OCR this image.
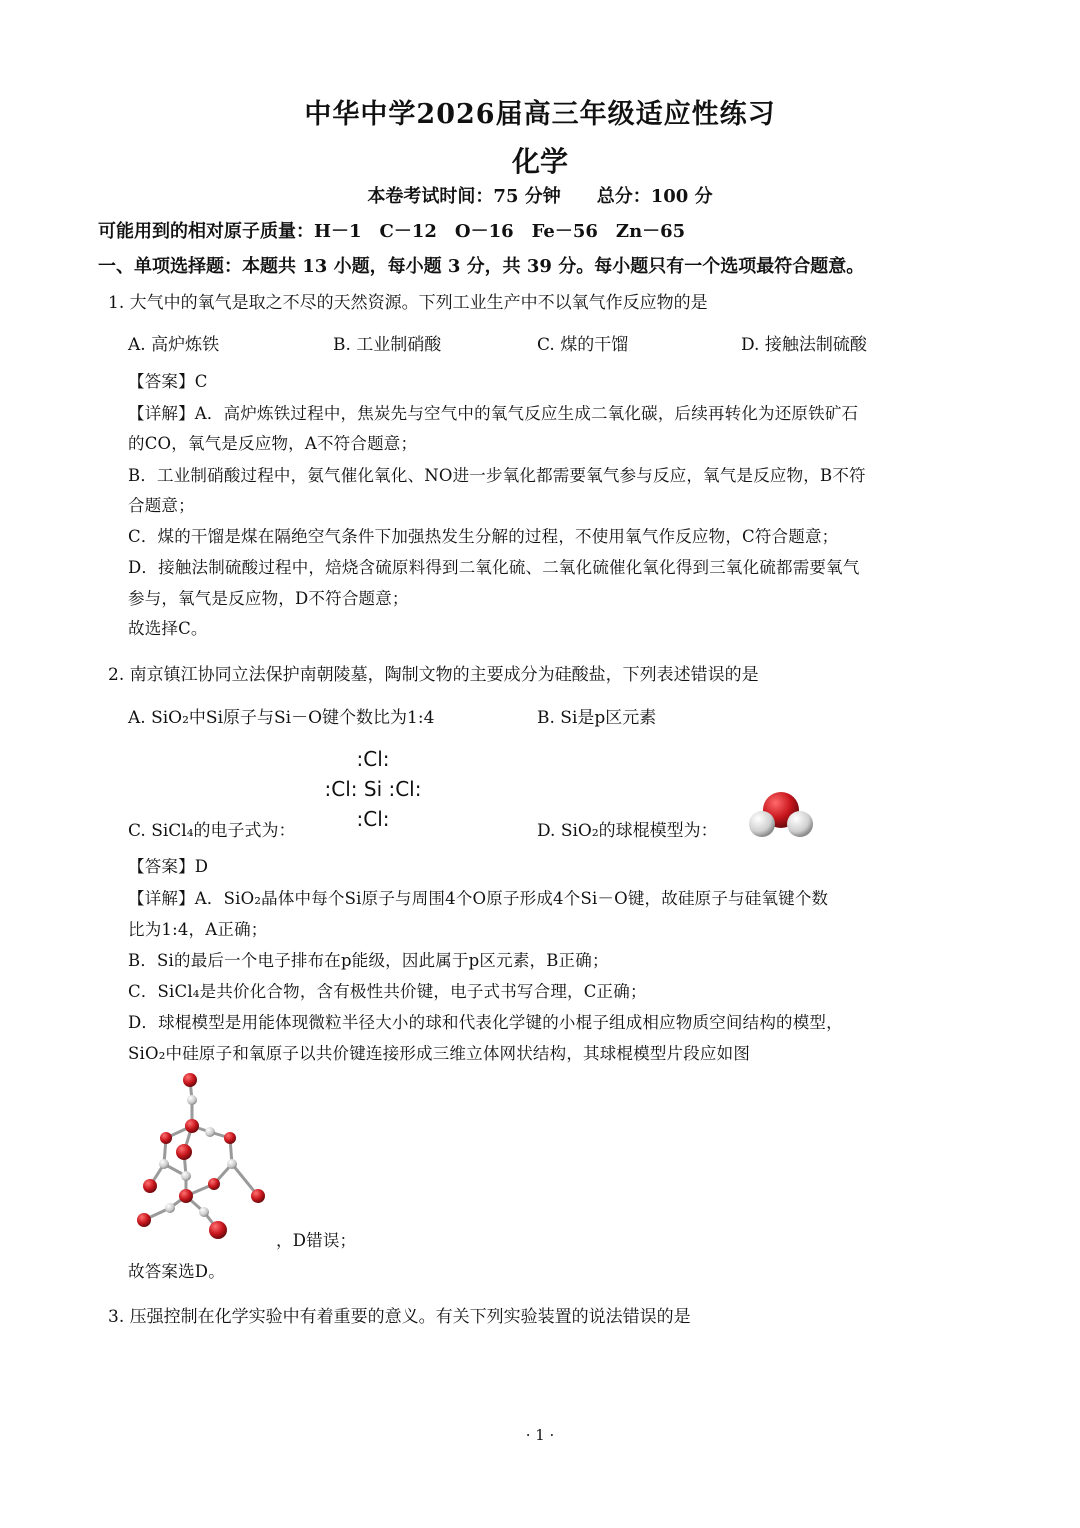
中华中学2026届高三年级适应性练习
化学
本卷考试时间：75 分钟　　总分：100 分
可能用到的相对原子质量：H－1　C－12　O－16　Fe－56　Zn－65
一、单项选择题：本题共 13 小题，每小题 3 分，共 39 分。每小题只有一个选项最符合题意。
1. 大气中的氧气是取之不尽的天然资源。下列工业生产中不以氧气作反应物的是
A. 高炉炼铁	B. 工业制硝酸	C. 煤的干馏	D. 接触法制硫酸
【答案】C
【详解】A．高炉炼铁过程中，焦炭先与空气中的氧气反应生成二氧化碳，后续再转化为还原铁矿石
的CO，氧气是反应物，A不符合题意；
B．工业制硝酸过程中，氨气催化氧化、NO进一步氧化都需要氧气参与反应，氧气是反应物，B不符
合题意；
C．煤的干馏是煤在隔绝空气条件下加强热发生分解的过程，不使用氧气作反应物，C符合题意；
D．接触法制硫酸过程中，焙烧含硫原料得到二氧化硫、二氧化硫催化氧化得到三氧化硫都需要氧气
参与，氧气是反应物，D不符合题意；
故选择C。
2. 南京镇江协同立法保护南朝陵墓，陶制文物的主要成分为硅酸盐，下列表述错误的是
A. SiO₂中Si原子与Si－O键个数比为1:4	B. Si是p区元素
:Cl:
:Cl: Si :Cl:
:Cl:
C. SiCl₄的电子式为：	D. SiO₂的球棍模型为：
【答案】D
【详解】A．SiO₂晶体中每个Si原子与周围4个O原子形成4个Si－O键，故硅原子与硅氧键个数
比为1:4，A正确；
B．Si的最后一个电子排布在p能级，因此属于p区元素，B正确；
C．SiCl₄是共价化合物，含有极性共价键，电子式书写合理，C正确；
D．球棍模型是用能体现微粒半径大小的球和代表化学键的小棍子组成相应物质空间结构的模型，
SiO₂中硅原子和氧原子以共价键连接形成三维立体网状结构，其球棍模型片段应如图
，D错误；
故答案选D。
3. 压强控制在化学实验中有着重要的意义。有关下列实验装置的说法错误的是
· 1 ·
